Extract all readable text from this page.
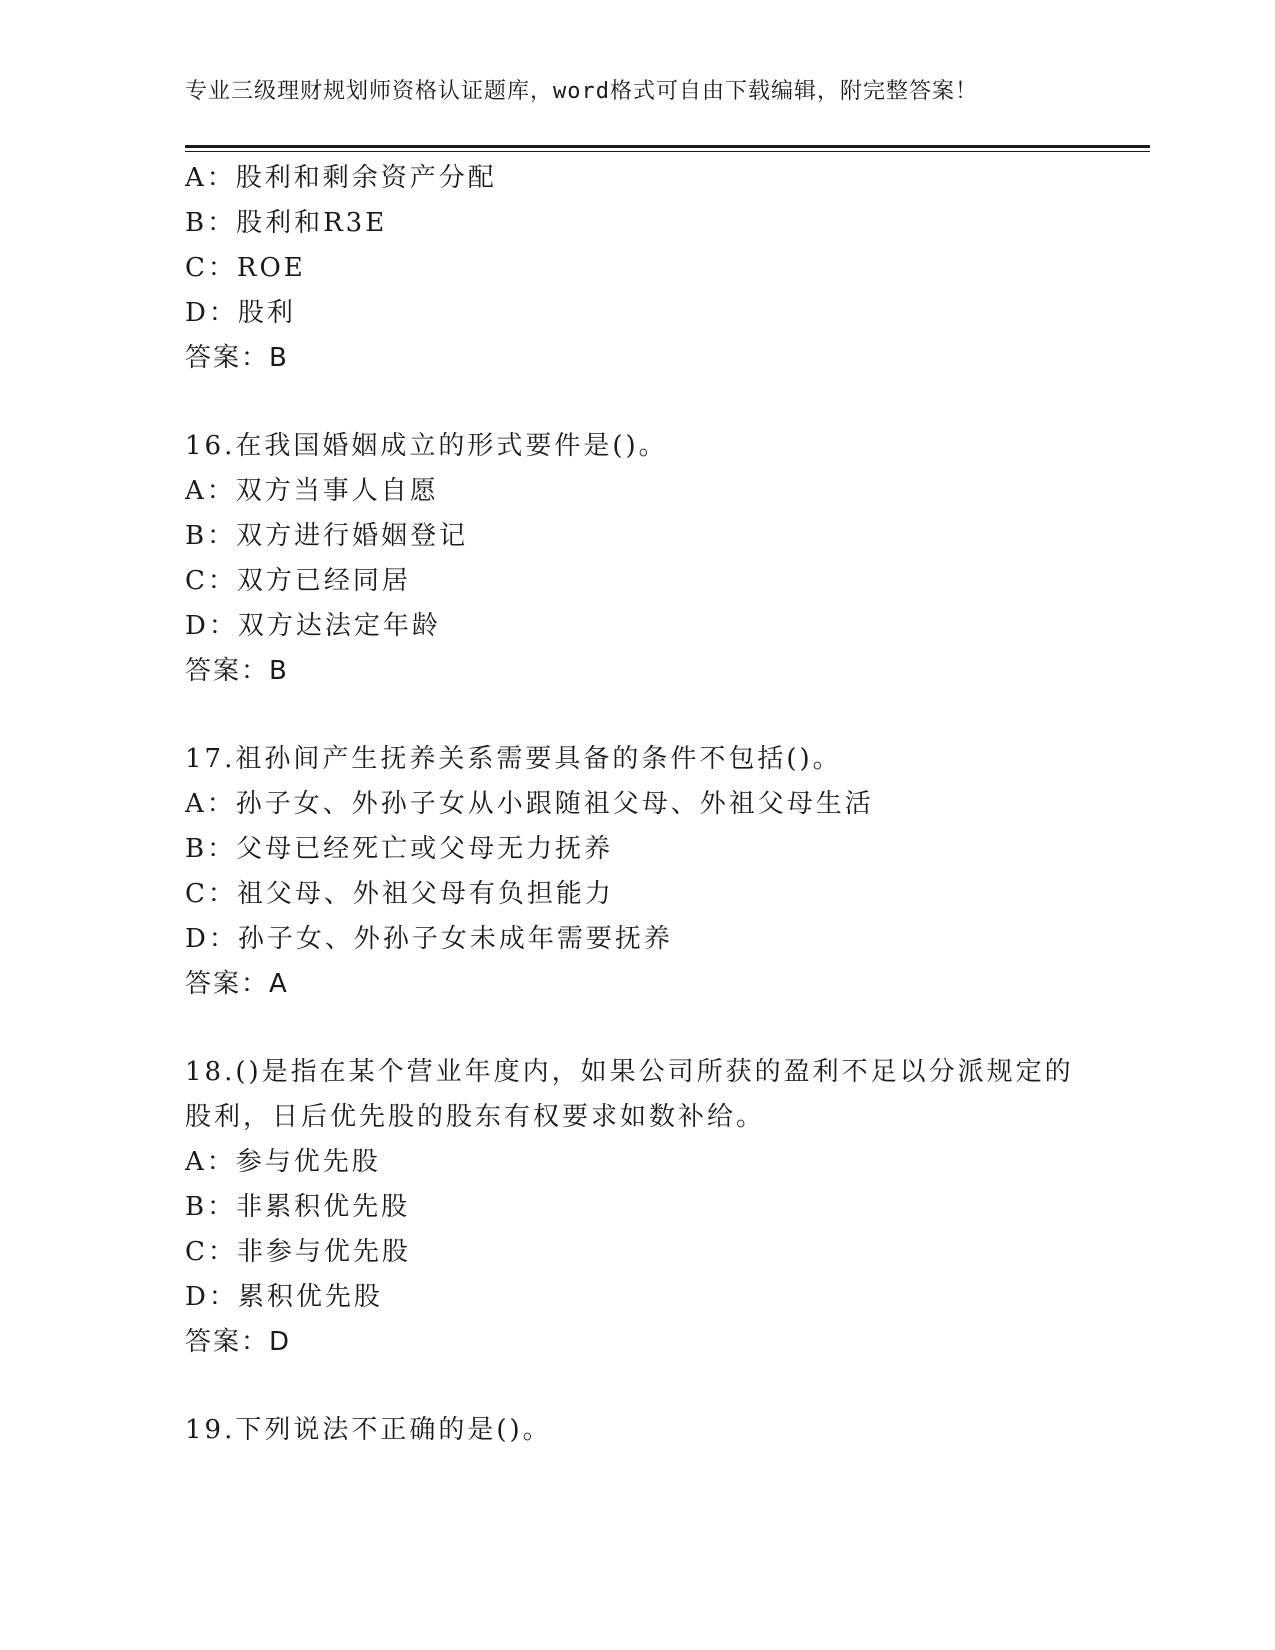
专业三级理财规划师资格认证题库，word格式可自由下载编辑，附完整答案！
A：股利和剩余资产分配
B：股利和R3E
C：ROE
D：股利
答案：B
16.在我国婚姻成立的形式要件是()。
A：双方当事人自愿
B：双方进行婚姻登记
C：双方已经同居
D：双方达法定年龄
答案：B
17.祖孙间产生抚养关系需要具备的条件不包括()。
A：孙子女、外孙子女从小跟随祖父母、外祖父母生活
B：父母已经死亡或父母无力抚养
C：祖父母、外祖父母有负担能力
D：孙子女、外孙子女未成年需要抚养
答案：A
18.()是指在某个营业年度内，如果公司所获的盈利不足以分派规定的
股利，日后优先股的股东有权要求如数补给。
A：参与优先股
B：非累积优先股
C：非参与优先股
D：累积优先股
答案：D
19.下列说法不正确的是()。
